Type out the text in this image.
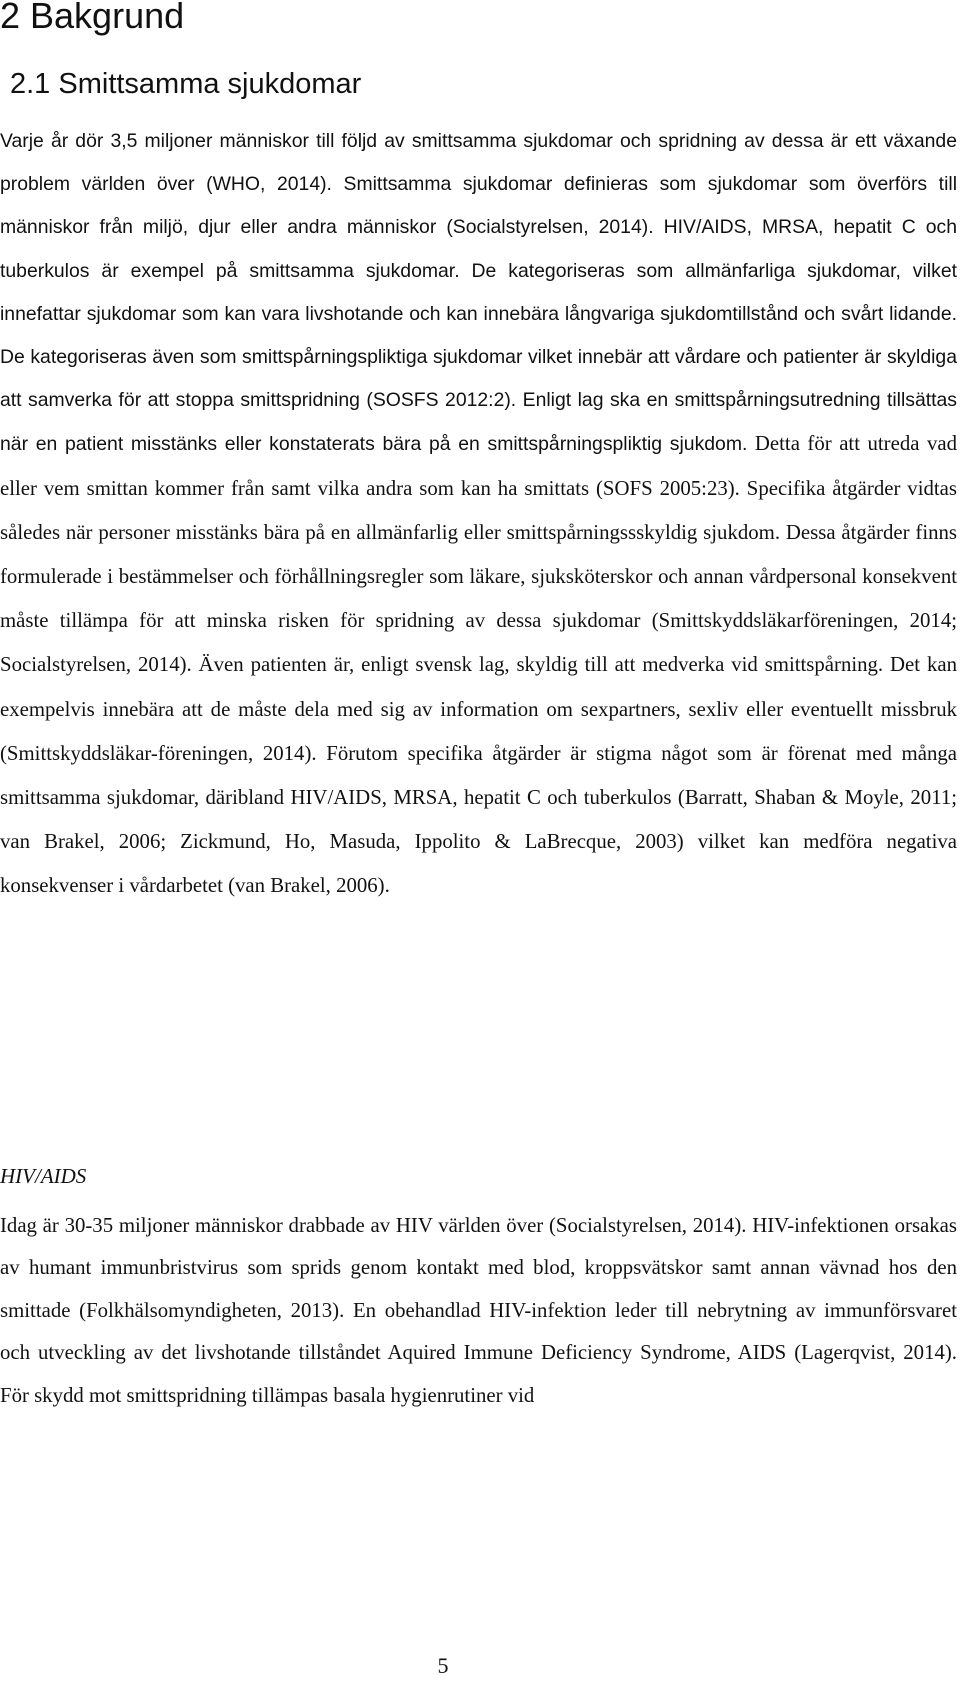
2 Bakgrund
2.1 Smittsamma sjukdomar

Varje år dör 3,5 miljoner människor till följd av smittsamma sjukdomar och spridning av dessa är ett växande problem världen över (WHO, 2014). Smittsamma sjukdomar definieras som sjukdomar som överförs till människor från miljö, djur eller andra människor (Socialstyrelsen, 2014). HIV/AIDS, MRSA, hepatit C och tuberkulos är exempel på smittsamma sjukdomar. De kategoriseras som allmänfarliga sjukdomar, vilket innefattar sjukdomar som kan vara livshotande och kan innebära långvariga sjukdomtillstånd och svårt lidande. De kategoriseras även som smittspårningspliktiga sjukdomar vilket innebär att vårdare och patienter är skyldiga att samverka för att stoppa smittspridning (SOSFS 2012:2). Enligt lag ska en smittspårningsutredning tillsättas när en patient misstänks eller konstaterats bära på en smittspårningspliktig sjukdom. Detta för att utreda vad eller vem smittan kommer från samt vilka andra som kan ha smittats (SOFS 2005:23). Specifika åtgärder vidtas således när personer misstänks bära på en allmänfarlig eller smittspårningssskyldig sjukdom. Dessa åtgärder finns formulerade i bestämmelser och förhållningsregler som läkare, sjuksköterskor och annan vårdpersonal konsekvent måste tillämpa för att minska risken för spridning av dessa sjukdomar (Smittskyddsläkarföreningen, 2014; Socialstyrelsen, 2014). Även patienten är, enligt svensk lag, skyldig till att medverka vid smittspårning. Det kan exempelvis innebära att de måste dela med sig av information om sexpartners, sexliv eller eventuellt missbruk (Smittskyddsläkar-föreningen, 2014). Förutom specifika åtgärder är stigma något som är förenat med många smittsamma sjukdomar, däribland HIV/AIDS, MRSA, hepatit C och tuberkulos (Barratt, Shaban & Moyle, 2011; van Brakel, 2006; Zickmund, Ho, Masuda, Ippolito & LaBrecque, 2003) vilket kan medföra negativa konsekvenser i vårdarbetet (van Brakel, 2006).

HIV/AIDS

Idag är 30-35 miljoner människor drabbade av HIV världen över (Socialstyrelsen, 2014). HIV-infektionen orsakas av humant immunbristvirus som sprids genom kontakt med blod, kroppsvätskor samt annan vävnad hos den smittade (Folkhälsomyndigheten, 2013). En obehandlad HIV-infektion leder till nebrytning av immunförsvaret och utveckling av det livshotande tillståndet Aquired Immune Deficiency Syndrome, AIDS (Lagerqvist, 2014). För skydd mot smittspridning tillämpas basala hygienrutiner vid

5
